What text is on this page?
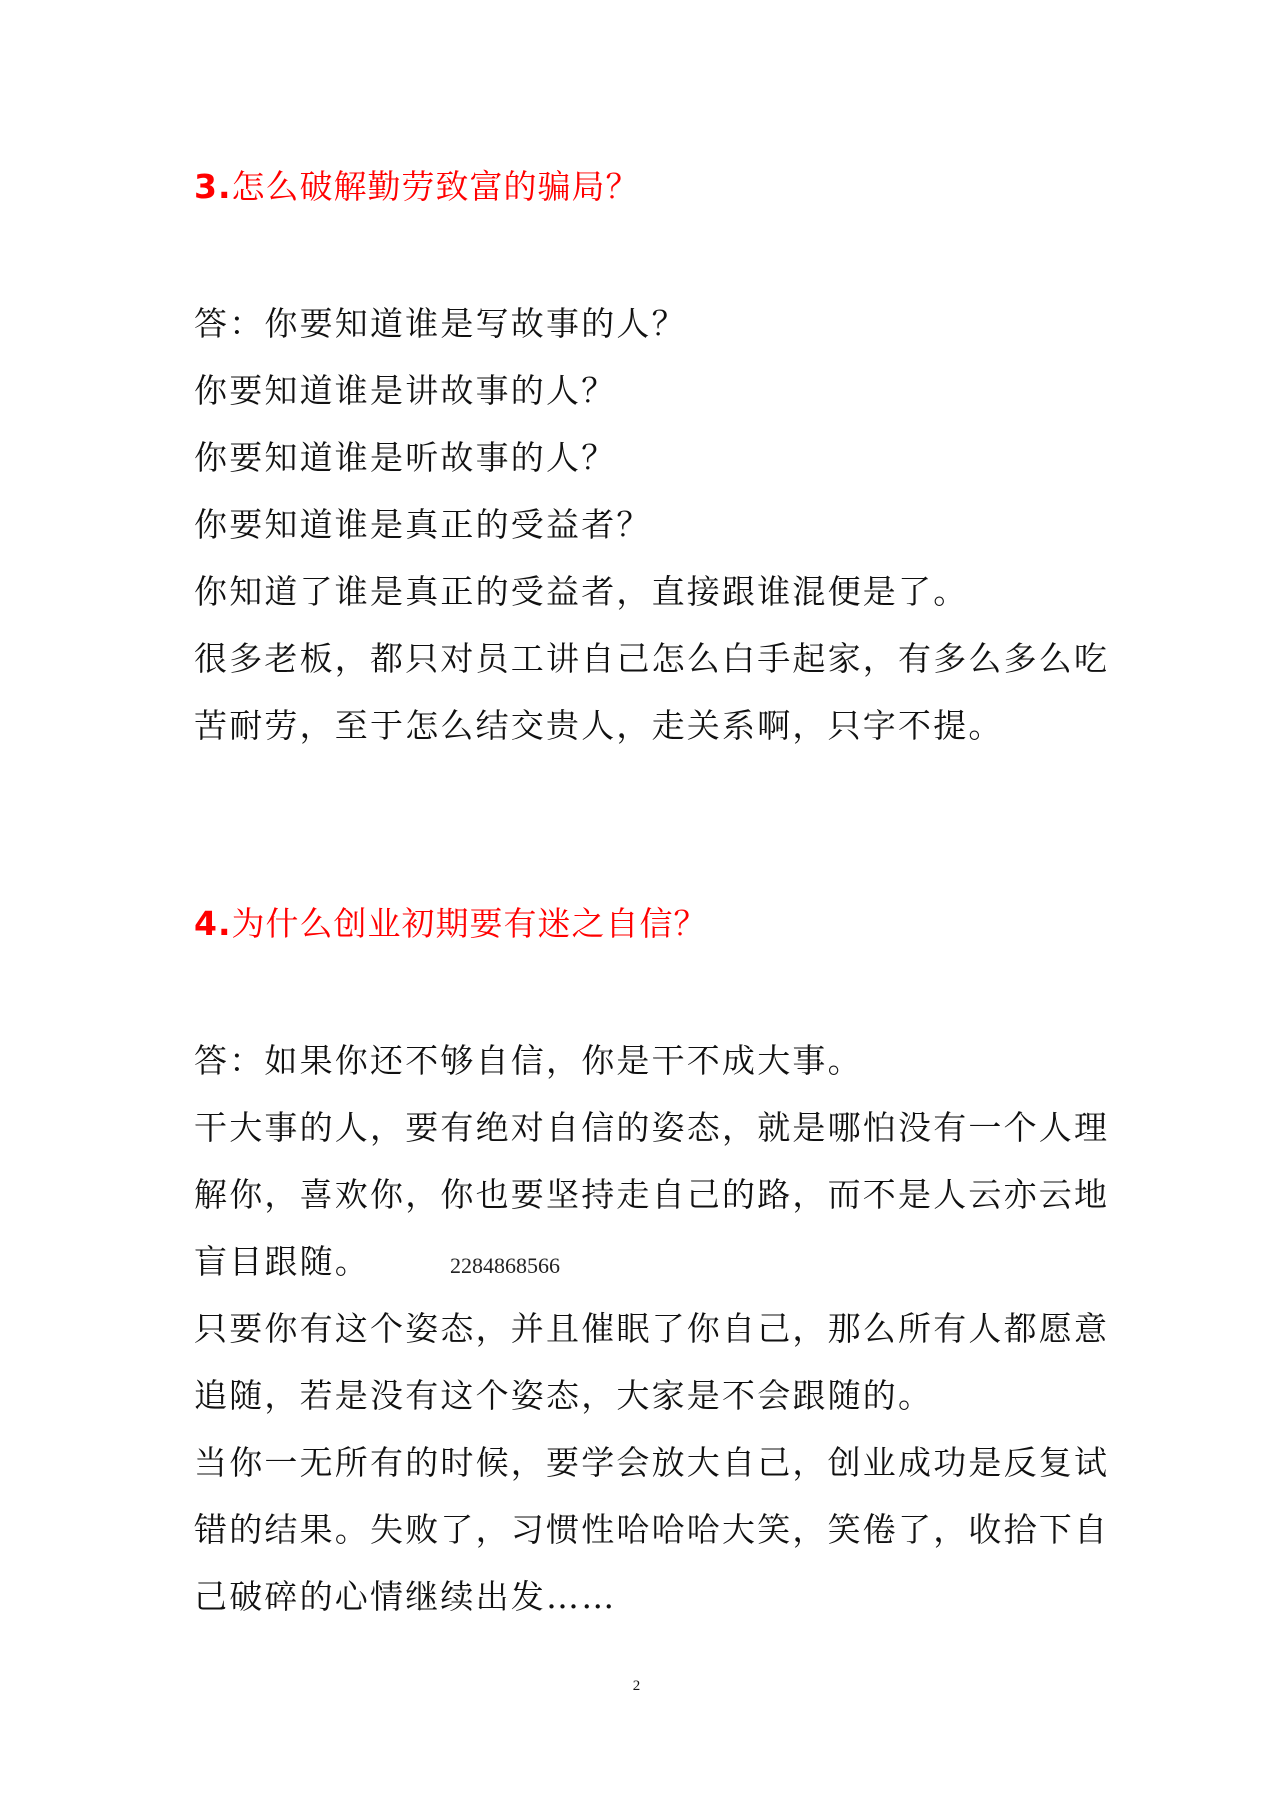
3.怎么破解勤劳致富的骗局？
答：你要知道谁是写故事的人？
你要知道谁是讲故事的人？
你要知道谁是听故事的人？
你要知道谁是真正的受益者？
你知道了谁是真正的受益者，直接跟谁混便是了。
很多老板，都只对员工讲自己怎么白手起家，有多么多么吃
苦耐劳，至于怎么结交贵人，走关系啊，只字不提。
4.为什么创业初期要有迷之自信？
答：如果你还不够自信，你是干不成大事。
干大事的人，要有绝对自信的姿态，就是哪怕没有一个人理
解你，喜欢你，你也要坚持走自己的路，而不是人云亦云地
盲目跟随。	2284868566
只要你有这个姿态，并且催眠了你自己，那么所有人都愿意
追随，若是没有这个姿态，大家是不会跟随的。
当你一无所有的时候，要学会放大自己，创业成功是反复试
错的结果。失败了，习惯性哈哈哈大笑，笑倦了，收拾下自
己破碎的心情继续出发……
2
